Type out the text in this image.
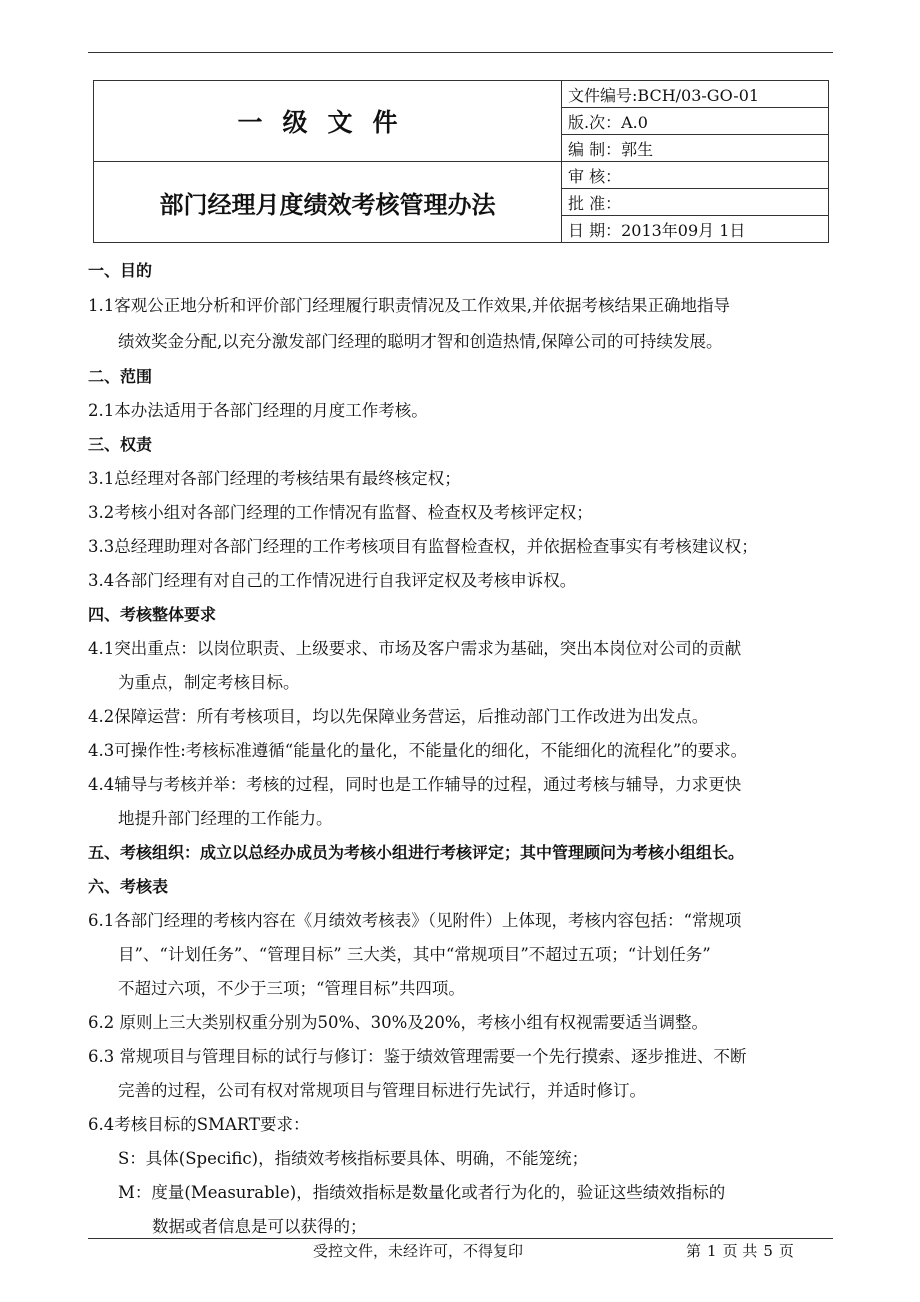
一级文件	文件编号:BCH/03-GO-01
	版.次：A.0
	编 制：郭生
部门经理月度绩效考核管理办法	审 核：
	批 准：
	日 期：2013年09月 1日
一、目的
1.1客观公正地分析和评价部门经理履行职责情况及工作效果,并依据考核结果正确地指导
绩效奖金分配,以充分激发部门经理的聪明才智和创造热情,保障公司的可持续发展。
二、范围
2.1本办法适用于各部门经理的月度工作考核。
三、权责
3.1总经理对各部门经理的考核结果有最终核定权；
3.2考核小组对各部门经理的工作情况有监督、检查权及考核评定权；
3.3总经理助理对各部门经理的工作考核项目有监督检查权，并依据检查事实有考核建议权；
3.4各部门经理有对自己的工作情况进行自我评定权及考核申诉权。
四、考核整体要求
4.1突出重点：以岗位职责、上级要求、市场及客户需求为基础，突出本岗位对公司的贡献
为重点，制定考核目标。
4.2保障运营：所有考核项目，均以先保障业务营运，后推动部门工作改进为出发点。
4.3可操作性:考核标准遵循“能量化的量化，不能量化的细化，不能细化的流程化”的要求。
4.4辅导与考核并举：考核的过程，同时也是工作辅导的过程，通过考核与辅导，力求更快
地提升部门经理的工作能力。
五、考核组织：成立以总经办成员为考核小组进行考核评定；其中管理顾问为考核小组组长。
六、考核表
6.1各部门经理的考核内容在《月绩效考核表》（见附件）上体现，考核内容包括：“常规项
目”、“计划任务”、“管理目标” 三大类，其中“常规项目”不超过五项；“计划任务”
不超过六项，不少于三项；“管理目标”共四项。
6.2 原则上三大类别权重分别为50%、30%及20%，考核小组有权视需要适当调整。
6.3 常规项目与管理目标的试行与修订：鉴于绩效管理需要一个先行摸索、逐步推进、不断
完善的过程，公司有权对常规项目与管理目标进行先试行，并适时修订。
6.4考核目标的SMART要求：
S：具体(Specific)，指绩效考核指标要具体、明确，不能笼统；
M：度量(Measurable)，指绩效指标是数量化或者行为化的，验证这些绩效指标的
数据或者信息是可以获得的；
受控文件，未经许可，不得复印	第 1 页 共 5 页
